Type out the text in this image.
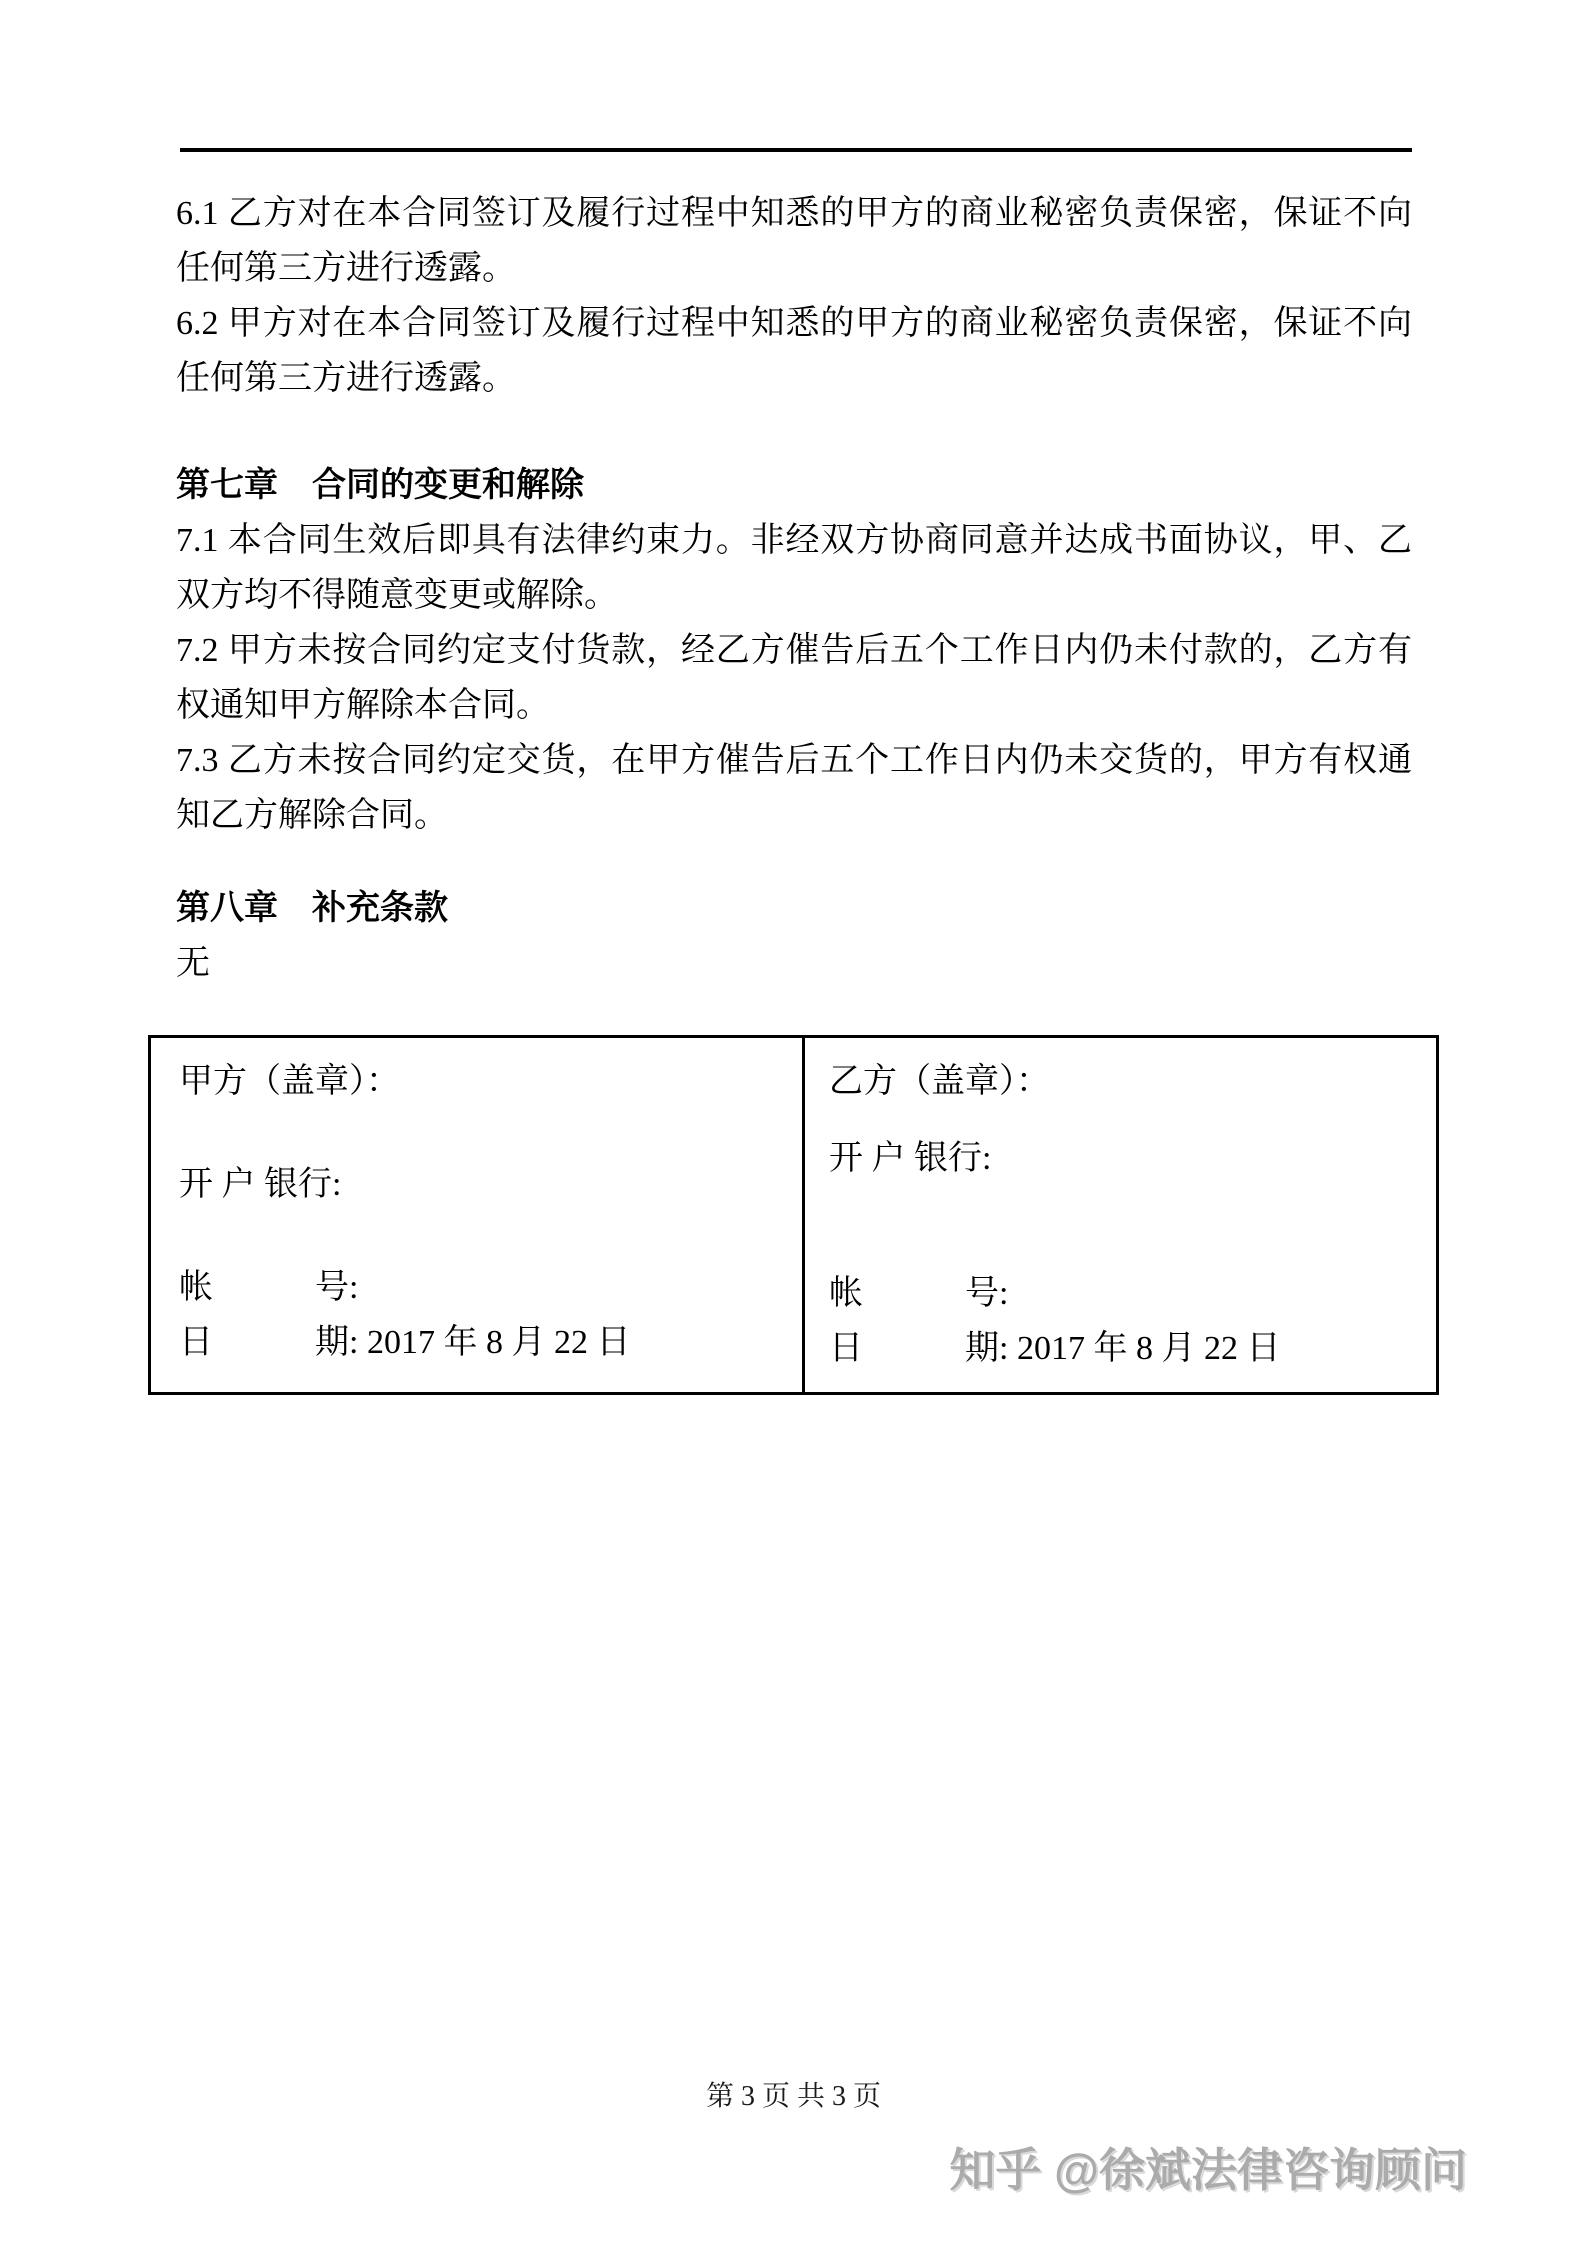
6.1 乙方对在本合同签订及履行过程中知悉的甲方的商业秘密负责保密，保证不向任何第三方进行透露。

6.2 甲方对在本合同签订及履行过程中知悉的甲方的商业秘密负责保密，保证不向任何第三方进行透露。

第七章　合同的变更和解除

7.1 本合同生效后即具有法律约束力。非经双方协商同意并达成书面协议，甲、乙双方均不得随意变更或解除。

7.2 甲方未按合同约定支付货款，经乙方催告后五个工作日内仍未付款的，乙方有权通知甲方解除本合同。

7.3 乙方未按合同约定交货，在甲方催告后五个工作日内仍未交货的，甲方有权通知乙方解除合同。

第八章　补充条款

无

甲方（盖章）：

开 户 银行:

帐　　　号:

日　　　期: 2017 年 8 月 22 日

乙方（盖章）：

开 户 银行:

帐　　　号:

日　　　期: 2017 年 8 月 22 日

第 3 页 共 3 页
知乎 @徐斌法律咨询顾问
